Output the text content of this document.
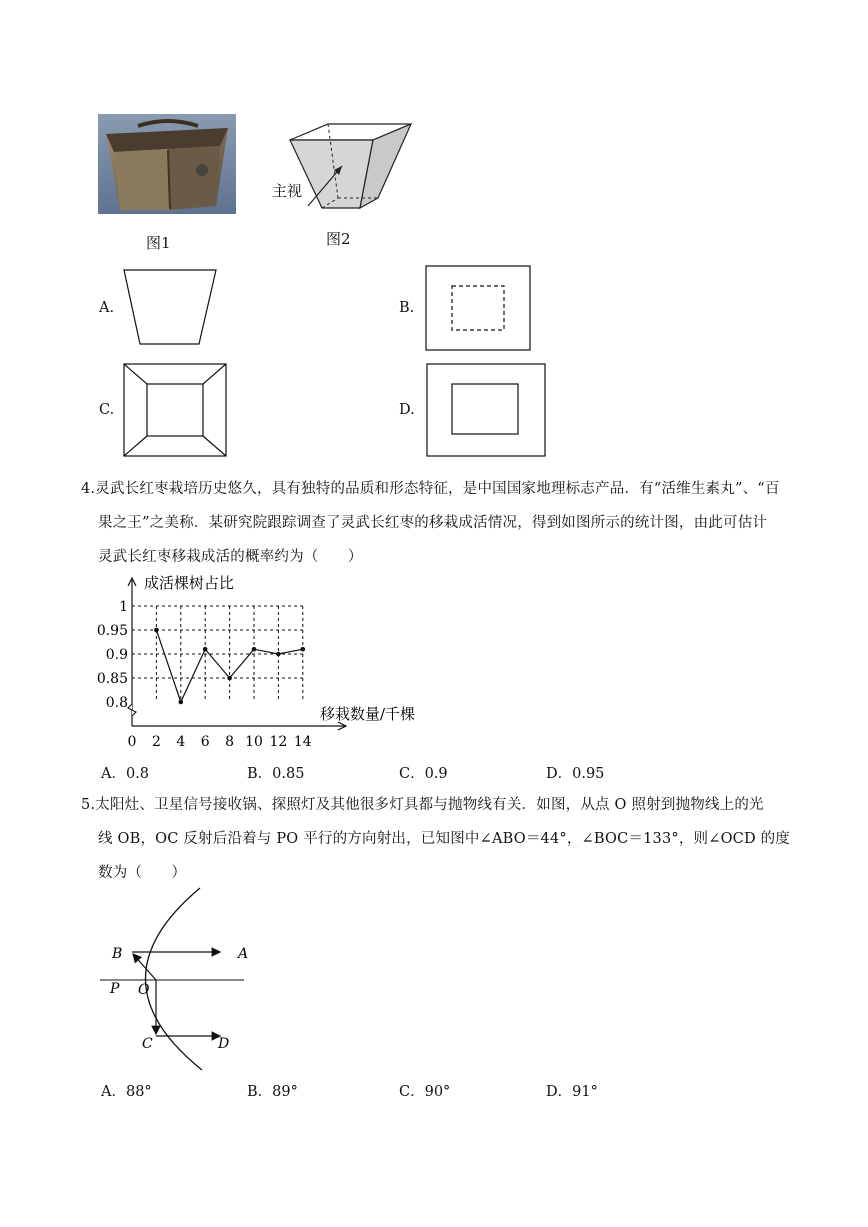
图1
主视
图2
A.	B.
C.	D.
4.灵武长红枣栽培历史悠久，具有独特的品质和形态特征，是中国国家地理标志产品．有“活维生素丸”、“百
果之王”之美称．某研究院跟踪调查了灵武长红枣的移栽成活情况，得到如图所示的统计图，由此可估计
灵武长红枣移栽成活的概率约为（　　）
0.8
0.85
0.9
0.95
1
0 2 4 6 8 10 12 14
成活棵树占比
移栽数量/千棵
A．0.8	B．0.85	C．0.9	D．0.95
5.太阳灶、卫星信号接收锅、探照灯及其他很多灯具都与抛物线有关．如图，从点 O 照射到抛物线上的光
线 OB，OC 反射后沿着与 PO 平行的方向射出，已知图中∠ABO＝44°，∠BOC＝133°，则∠OCD 的度
数为（　　）
B	A
P O
C	D
A．88°	B．89°	C．90°	D．91°
